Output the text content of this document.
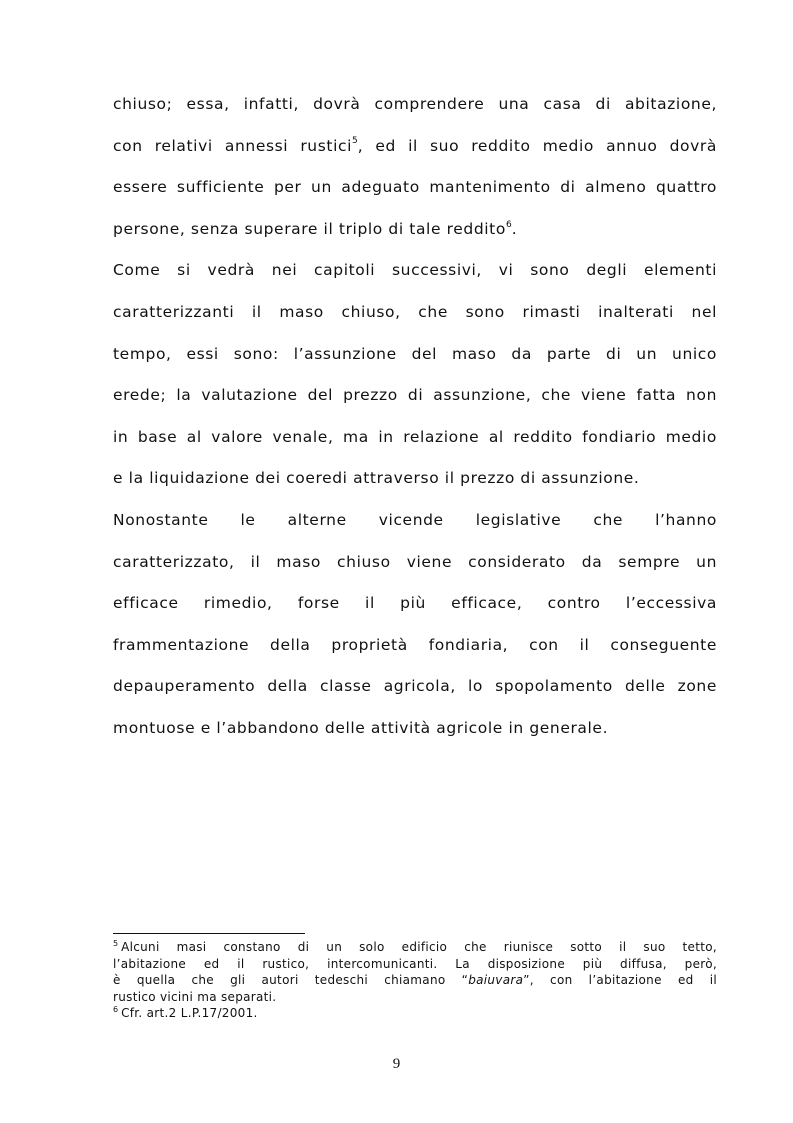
chiuso; essa, infatti, dovrà comprendere una casa di abitazione,
con relativi annessi rustici$^5$, ed il suo reddito medio annuo dovrà
essere sufficiente per un adeguato mantenimento di almeno quattro
persone, senza superare il triplo di tale reddito$^6$.
Come si vedrà nei capitoli successivi, vi sono degli elementi
caratterizzanti il maso chiuso, che sono rimasti inalterati nel
tempo, essi sono: l’assunzione del maso da parte di un unico
erede; la valutazione del prezzo di assunzione, che viene fatta non
in base al valore venale, ma in relazione al reddito fondiario medio
e la liquidazione dei coeredi attraverso il prezzo di assunzione.
Nonostante le alterne vicende legislative che l’hanno
caratterizzato, il maso chiuso viene considerato da sempre un
efficace rimedio, forse il più efficace, contro l’eccessiva
frammentazione della proprietà fondiaria, con il conseguente
depauperamento della classe agricola, lo spopolamento delle zone
montuose e l’abbandono delle attività agricole in generale.
$^5$ Alcuni masi constano di un solo edificio che riunisce sotto il suo tetto,
l’abitazione ed il rustico, intercomunicanti. La disposizione più diffusa, però,
è quella che gli autori tedeschi chiamano “baiuvara”, con l’abitazione ed il
rustico vicini ma separati.
$^6$ Cfr. art.2 L.P.17/2001.
9
